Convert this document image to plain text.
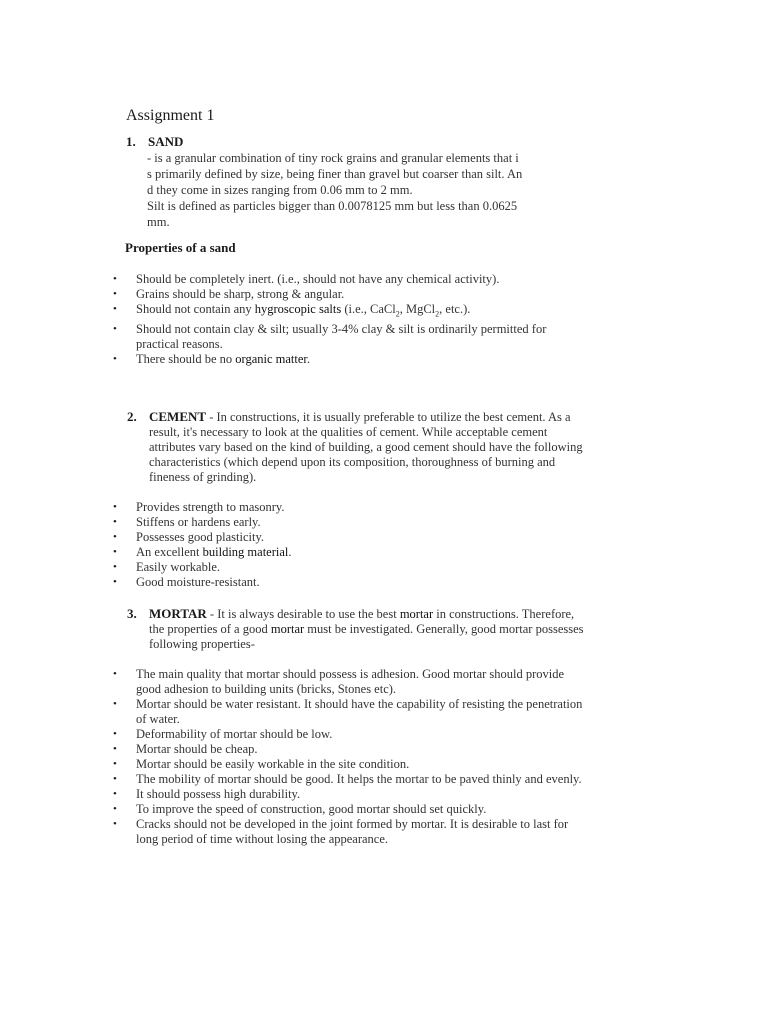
Assignment 1
1. SAND
- is a granular combination of tiny rock grains and granular elements that i
s primarily defined by size, being finer than gravel but coarser than silt. An
d they come in sizes ranging from 0.06 mm to 2 mm.
Silt is defined as particles bigger than 0.0078125 mm but less than 0.0625
mm.
Properties of a sand
• Should be completely inert. (i.e., should not have any chemical activity).
• Grains should be sharp, strong & angular.
• Should not contain any hygroscopic salts (i.e., CaCl$_2$, MgCl$_2$, etc.).
• Should not contain clay & silt; usually 3-4% clay & silt is ordinarily permitted for
practical reasons.
• There should be no organic matter.
2. CEMENT - In constructions, it is usually preferable to utilize the best cement. As a
result, it's necessary to look at the qualities of cement. While acceptable cement
attributes vary based on the kind of building, a good cement should have the following
characteristics (which depend upon its composition, thoroughness of burning and
fineness of grinding).
• Provides strength to masonry.
• Stiffens or hardens early.
• Possesses good plasticity.
• An excellent building material.
• Easily workable.
• Good moisture-resistant.
3. MORTAR - It is always desirable to use the best mortar in constructions. Therefore,
the properties of a good mortar must be investigated. Generally, good mortar possesses
following properties-
• The main quality that mortar should possess is adhesion. Good mortar should provide
good adhesion to building units (bricks, Stones etc).
• Mortar should be water resistant. It should have the capability of resisting the penetration
of water.
• Deformability of mortar should be low.
• Mortar should be cheap.
• Mortar should be easily workable in the site condition.
• The mobility of mortar should be good. It helps the mortar to be paved thinly and evenly.
• It should possess high durability.
• To improve the speed of construction, good mortar should set quickly.
• Cracks should not be developed in the joint formed by mortar. It is desirable to last for
long period of time without losing the appearance.
